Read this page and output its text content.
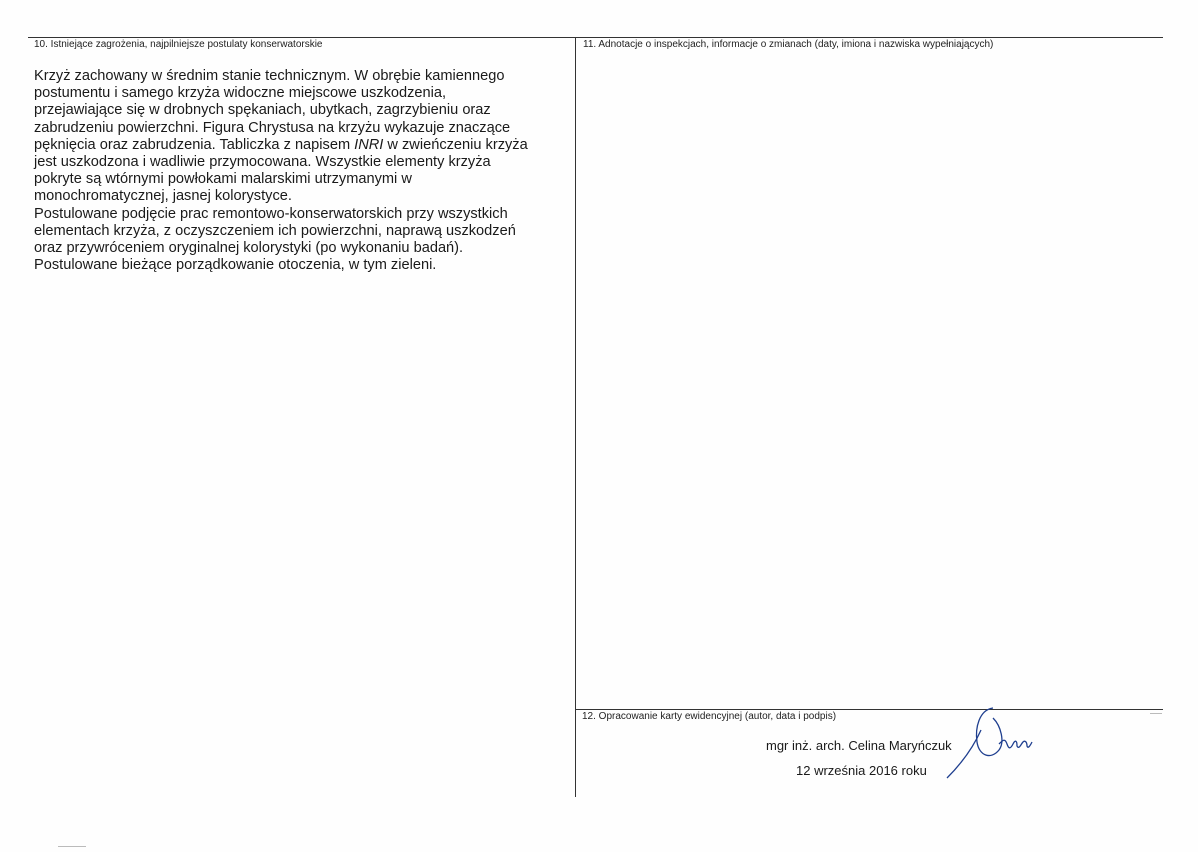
10. Istniejące zagrożenia, najpilniejsze postulaty konserwatorskie	11. Adnotacje o inspekcjach, informacje o zmianach (daty, imiona i nazwiska wypełniających)
12. Opracowanie karty ewidencyjnej (autor, data i podpis)
Krzyż zachowany w średnim stanie technicznym. W obrębie kamiennego
postumentu i samego krzyża widoczne miejscowe uszkodzenia,
przejawiające się w drobnych spękaniach, ubytkach, zagrzybieniu oraz
zabrudzeniu powierzchni. Figura Chrystusa na krzyżu wykazuje znaczące
pęknięcia oraz zabrudzenia. Tabliczka z napisem INRI w zwieńczeniu krzyża
jest uszkodzona i wadliwie przymocowana. Wszystkie elementy krzyża
pokryte są wtórnymi powłokami malarskimi utrzymanymi w
monochromatycznej, jasnej kolorystyce.
Postulowane podjęcie prac remontowo-konserwatorskich przy wszystkich
elementach krzyża, z oczyszczeniem ich powierzchni, naprawą uszkodzeń
oraz przywróceniem oryginalnej kolorystyki (po wykonaniu badań).
Postulowane bieżące porządkowanie otoczenia, w tym zieleni.
mgr inż. arch. Celina Maryńczuk
12 września 2016 roku
